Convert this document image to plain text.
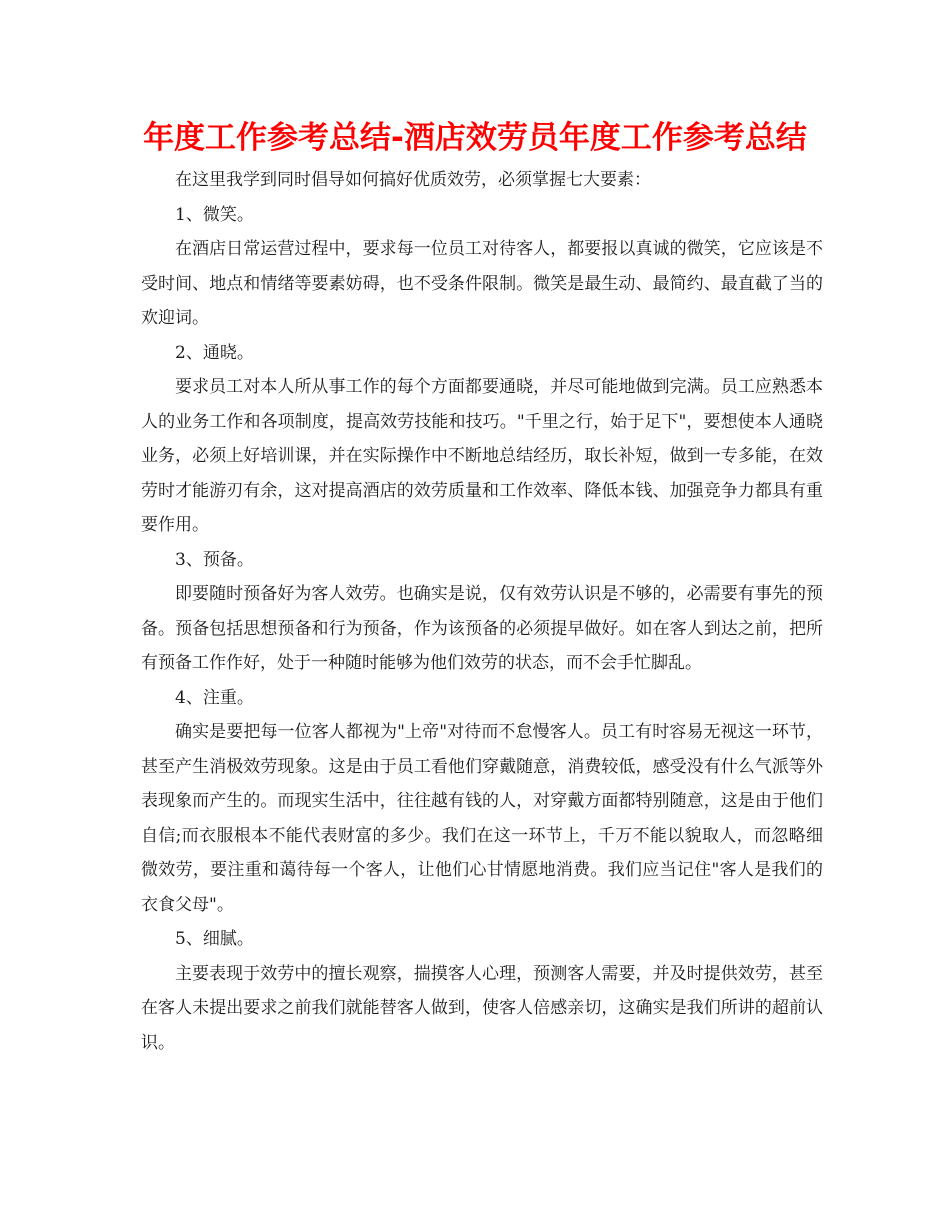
年度工作参考总结-酒店效劳员年度工作参考总结

在这里我学到同时倡导如何搞好优质效劳，必须掌握七大要素：

1、微笑。

在酒店日常运营过程中，要求每一位员工对待客人，都要报以真诚的微笑，它应该是不受时间、地点和情绪等要素妨碍，也不受条件限制。微笑是最生动、最简约、最直截了当的欢迎词。

2、通晓。

要求员工对本人所从事工作的每个方面都要通晓，并尽可能地做到完满。员工应熟悉本人的业务工作和各项制度，提高效劳技能和技巧。"千里之行，始于足下"，要想使本人通晓业务，必须上好培训课，并在实际操作中不断地总结经历，取长补短，做到一专多能，在效劳时才能游刃有余，这对提高酒店的效劳质量和工作效率、降低本钱、加强竞争力都具有重要作用。

3、预备。

即要随时预备好为客人效劳。也确实是说，仅有效劳认识是不够的，必需要有事先的预备。预备包括思想预备和行为预备，作为该预备的必须提早做好。如在客人到达之前，把所有预备工作作好，处于一种随时能够为他们效劳的状态，而不会手忙脚乱。

4、注重。

确实是要把每一位客人都视为"上帝"对待而不怠慢客人。员工有时容易无视这一环节，甚至产生消极效劳现象。这是由于员工看他们穿戴随意，消费较低，感受没有什么气派等外表现象而产生的。而现实生活中，往往越有钱的人，对穿戴方面都特别随意，这是由于他们自信;而衣服根本不能代表财富的多少。我们在这一环节上，千万不能以貌取人，而忽略细微效劳，要注重和蔼待每一个客人，让他们心甘情愿地消费。我们应当记住"客人是我们的衣食父母"。

5、细腻。

主要表现于效劳中的擅长观察，揣摸客人心理，预测客人需要，并及时提供效劳，甚至在客人未提出要求之前我们就能替客人做到，使客人倍感亲切，这确实是我们所讲的超前认识。
